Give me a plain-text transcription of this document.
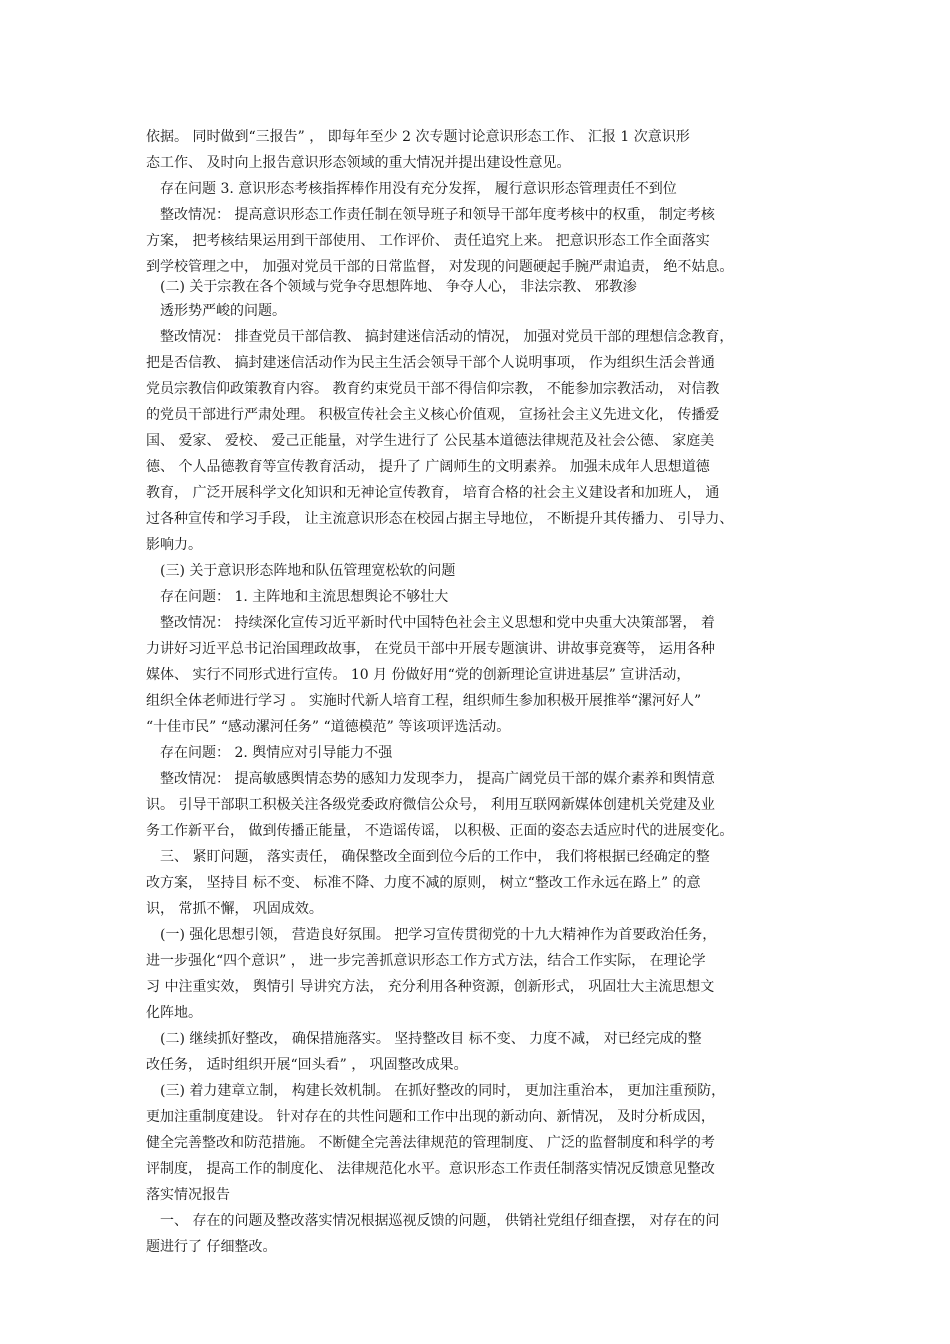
依据。 同时做到“三报告” ， 即每年至少 2 次专题讨论意识形态工作、 汇报 1 次意识形

态工作、 及时向上报告意识形态领域的重大情况并提出建设性意见。

存在问题 3. 意识形态考核指挥棒作用没有充分发挥， 履行意识形态管理责任不到位

整改情况： 提高意识形态工作责任制在领导班子和领导干部年度考核中的权重， 制定考核

方案， 把考核结果运用到干部使用、 工作评价、 责任追究上来。 把意识形态工作全面落实

到学校管理之中， 加强对党员干部的日常监督， 对发现的问题硬起手腕严肃追责， 绝不姑息。

(二) 关于宗教在各个领域与党争夺思想阵地、 争夺人心， 非法宗教、 邪教渗

透形势严峻的问题。

整改情况： 排查党员干部信教、 搞封建迷信活动的情况， 加强对党员干部的理想信念教育，

把是否信教、 搞封建迷信活动作为民主生活会领导干部个人说明事项， 作为组织生活会普通

党员宗教信仰政策教育内容。 教育约束党员干部不得信仰宗教， 不能参加宗教活动， 对信教

的党员干部进行严肃处理。 积极宣传社会主义核心价值观， 宣扬社会主义先进文化， 传播爱

国、 爱家、 爱校、 爱己正能量，对学生进行了 公民基本道德法律规范及社会公德、 家庭美

德、 个人品德教育等宣传教育活动， 提升了 广阔师生的文明素养。 加强未成年人思想道德

教育， 广泛开展科学文化知识和无神论宣传教育， 培育合格的社会主义建设者和加班人， 通

过各种宣传和学习手段， 让主流意识形态在校园占据主导地位， 不断提升其传播力、 引导力、

影响力。

(三) 关于意识形态阵地和队伍管理宽松软的问题

存在问题： 1. 主阵地和主流思想舆论不够壮大

整改情况： 持续深化宣传习近平新时代中国特色社会主义思想和党中央重大决策部署， 着

力讲好习近平总书记治国理政故事， 在党员干部中开展专题演讲、讲故事竞赛等， 运用各种

媒体、 实行不同形式进行宣传。 10 月 份做好用“党的创新理论宣讲进基层” 宣讲活动，

组织全体老师进行学习 。 实施时代新人培育工程，组织师生参加积极开展推举“漯河好人”

“十佳市民” “感动漯河任务” “道德模范” 等该项评选活动。

存在问题： 2. 舆情应对引导能力不强

整改情况： 提高敏感舆情态势的感知力发现李力， 提高广阔党员干部的媒介素养和舆情意

识。 引导干部职工积极关注各级党委政府微信公众号， 利用互联网新媒体创建机关党建及业

务工作新平台， 做到传播正能量， 不造谣传谣， 以积极、正面的姿态去适应时代的进展变化。

三、 紧盯问题， 落实责任， 确保整改全面到位今后的工作中， 我们将根据已经确定的整

改方案， 坚持目 标不变、 标准不降、力度不减的原则， 树立“整改工作永远在路上” 的意

识， 常抓不懈， 巩固成效。

(一) 强化思想引领， 营造良好氛围。 把学习宣传贯彻党的十九大精神作为首要政治任务，

进一步强化“四个意识” ， 进一步完善抓意识形态工作方式方法，结合工作实际， 在理论学

习 中注重实效， 舆情引 导讲究方法， 充分利用各种资源，创新形式， 巩固壮大主流思想文

化阵地。

(二) 继续抓好整改， 确保措施落实。 坚持整改目 标不变、 力度不减， 对已经完成的整

改任务， 适时组织开展“回头看” ， 巩固整改成果。

(三) 着力建章立制， 构建长效机制。 在抓好整改的同时， 更加注重治本， 更加注重预防，

更加注重制度建设。 针对存在的共性问题和工作中出现的新动向、新情况， 及时分析成因，

健全完善整改和防范措施。 不断健全完善法律规范的管理制度、 广泛的监督制度和科学的考

评制度， 提高工作的制度化、 法律规范化水平。意识形态工作责任制落实情况反馈意见整改

落实情况报告

一、 存在的问题及整改落实情况根据巡视反馈的问题， 供销社党组仔细查摆， 对存在的问

题进行了 仔细整改。
